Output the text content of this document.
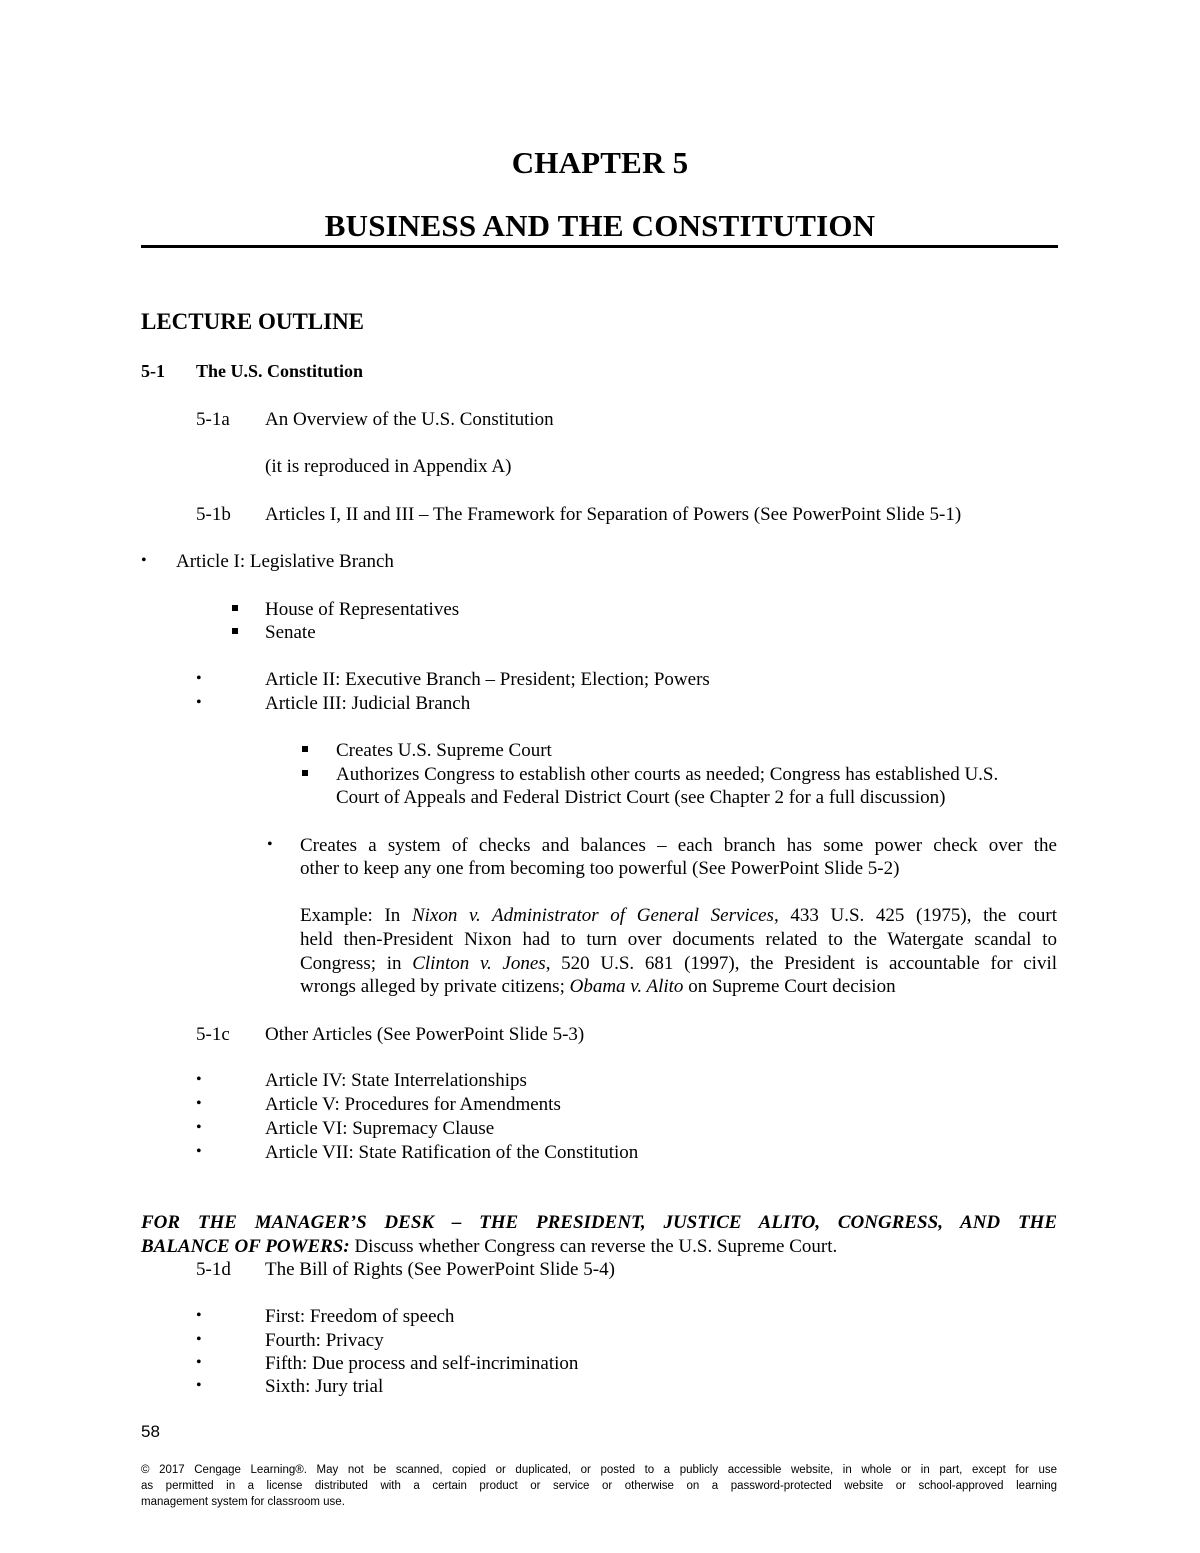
CHAPTER 5
BUSINESS AND THE CONSTITUTION
LECTURE OUTLINE
5-1 The U.S. Constitution
5-1a An Overview of the U.S. Constitution
(it is reproduced in Appendix A)
5-1b Articles I, II and III – The Framework for Separation of Powers (See PowerPoint Slide 5-1)
• Article I: Legislative Branch
House of Representatives
Senate
•	Article II: Executive Branch – President; Election; Powers
•	Article III: Judicial Branch
Creates U.S. Supreme Court
Authorizes Congress to establish other courts as needed; Congress has established U.S.
Court of Appeals and Federal District Court (see Chapter 2 for a full discussion)
• Creates a system of checks and balances – each branch has some power check over the
other to keep any one from becoming too powerful (See PowerPoint Slide 5-2)
Example: In Nixon v. Administrator of General Services, 433 U.S. 425 (1975), the court
held then-President Nixon had to turn over documents related to the Watergate scandal to
Congress; in Clinton v. Jones, 520 U.S. 681 (1997), the President is accountable for civil
wrongs alleged by private citizens; Obama v. Alito on Supreme Court decision
5-1c Other Articles (See PowerPoint Slide 5-3)
•	Article IV: State Interrelationships
•	Article V: Procedures for Amendments
•	Article VI: Supremacy Clause
•	Article VII: State Ratification of the Constitution
FOR THE MANAGER’S DESK – THE PRESIDENT, JUSTICE ALITO, CONGRESS, AND THE
BALANCE OF POWERS: Discuss whether Congress can reverse the U.S. Supreme Court.
5-1d The Bill of Rights (See PowerPoint Slide 5-4)
•	First: Freedom of speech
•	Fourth: Privacy
•	Fifth: Due process and self-incrimination
•	Sixth: Jury trial
58
© 2017 Cengage Learning®. May not be scanned, copied or duplicated, or posted to a publicly accessible website, in whole or in part, except for use
as permitted in a license distributed with a certain product or service or otherwise on a password-protected website or school-approved learning
management system for classroom use.
